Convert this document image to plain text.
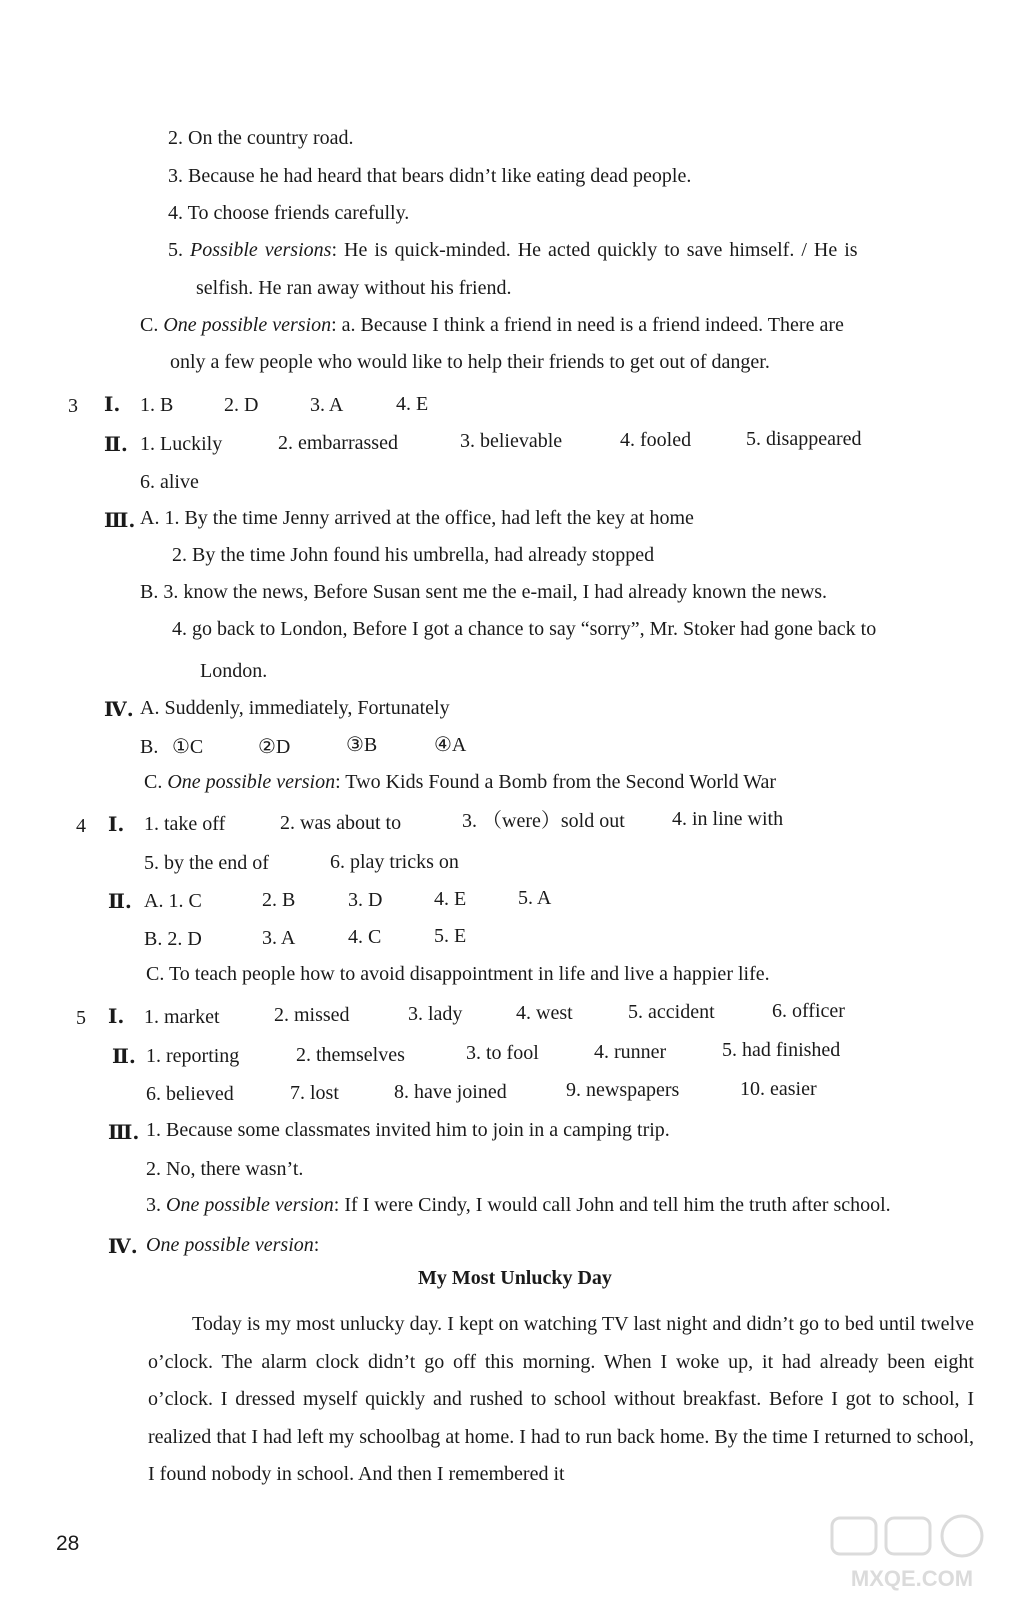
2. On the country road.
3. Because he had heard that bears didn’t like eating dead people.
4. To choose friends carefully.
5. Possible versions: He is quick-minded. He acted quickly to save himself. / He is
selfish. He ran away without his friend.
C. One possible version: a. Because I think a friend in need is a friend indeed. There are
only a few people who would like to help their friends to get out of danger.
3 Ⅰ. 1. B	2. D	3. A	4. E
Ⅱ. 1. Luckily	2. embarrassed	3. believable	4. fooled	5. disappeared
6. alive
Ⅲ. A. 1. By the time Jenny arrived at the office, had left the key at home
2. By the time John found his umbrella, had already stopped
B. 3. know the news, Before Susan sent me the e-mail, I had already known the news.
4. go back to London, Before I got a chance to say “sorry”, Mr. Stoker had gone back to
London.
Ⅳ. A. Suddenly, immediately, Fortunately
B. ①C	②D	③B	④A
C. One possible version: Two Kids Found a Bomb from the Second World War
4 Ⅰ. 1. take off	2. was about to	3. （were）sold out 4. in line with
5. by the end of	6. play tricks on
Ⅱ. A. 1. C	2. B	3. D	4. E	5. A
B. 2. D	3. A	4. C	5. E
C. To teach people how to avoid disappointment in life and live a happier life.
5 Ⅰ. 1. market	2. missed	3. lady	4. west	5. accident	6. officer
Ⅱ. 1. reporting	2. themselves	3. to fool	4. runner	5. had finished
6. believed	7. lost	8. have joined	9. newspapers	10. easier
Ⅲ. 1. Because some classmates invited him to join in a camping trip.
2. No, there wasn’t.
3. One possible version: If I were Cindy, I would call John and tell him the truth after school.
Ⅳ. One possible version:
My Most Unlucky Day
Today is my most unlucky day. I kept on watching TV last night and didn’t go to bed until twelve o’clock. The alarm clock didn’t go off this morning. When I woke up, it had already been eight o’clock. I dressed myself quickly and rushed to school without breakfast. Before I got to school, I realized that I had left my schoolbag at home. I had to run back home. By the time I returned to school, I found nobody in school. And then I remembered it
28
MXQE.COM
